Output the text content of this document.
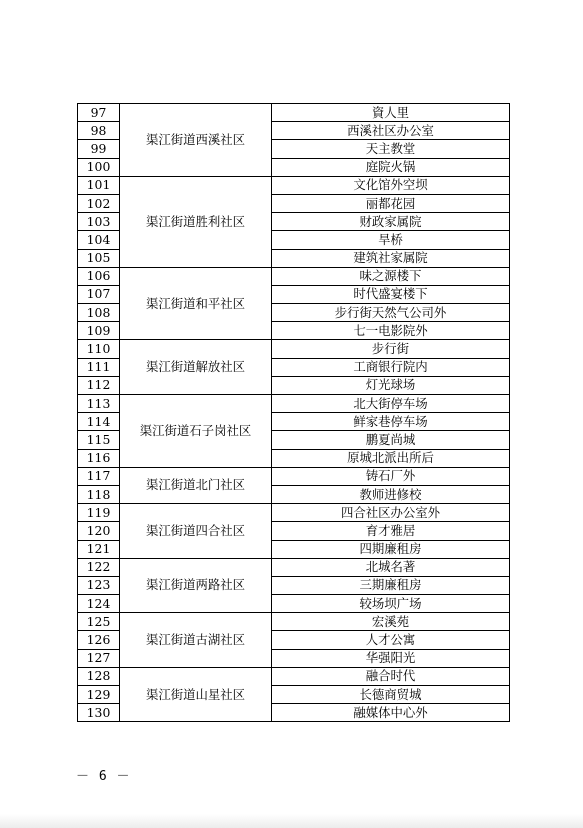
97	渠江街道西溪社区	資人里
98		西溪社区办公室
99		天主教堂
100		庭院火锅
101	渠江街道胜利社区	文化馆外空坝
102		丽都花园
103		财政家属院
104		旱桥
105		建筑社家属院
106	渠江街道和平社区	味之源楼下
107		时代盛宴楼下
108		步行街天然气公司外
109		七一电影院外
110	渠江街道解放社区	步行街
111		工商银行院内
112		灯光球场
113	渠江街道石子岗社区	北大街停车场
114		鲜家巷停车场
115		鹏夏尚城
116		原城北派出所后
117	渠江街道北门社区	铸石厂外
118		教师进修校
119	渠江街道四合社区	四合社区办公室外
120		育才雅居
121		四期廉租房
122	渠江街道两路社区	北城名著
123		三期廉租房
124		较场坝广场
125	渠江街道古湖社区	宏溪苑
126		人才公寓
127		华强阳光
128	渠江街道山星社区	融合时代
129		长德商贸城
130		融媒体中心外
－ 6 －
